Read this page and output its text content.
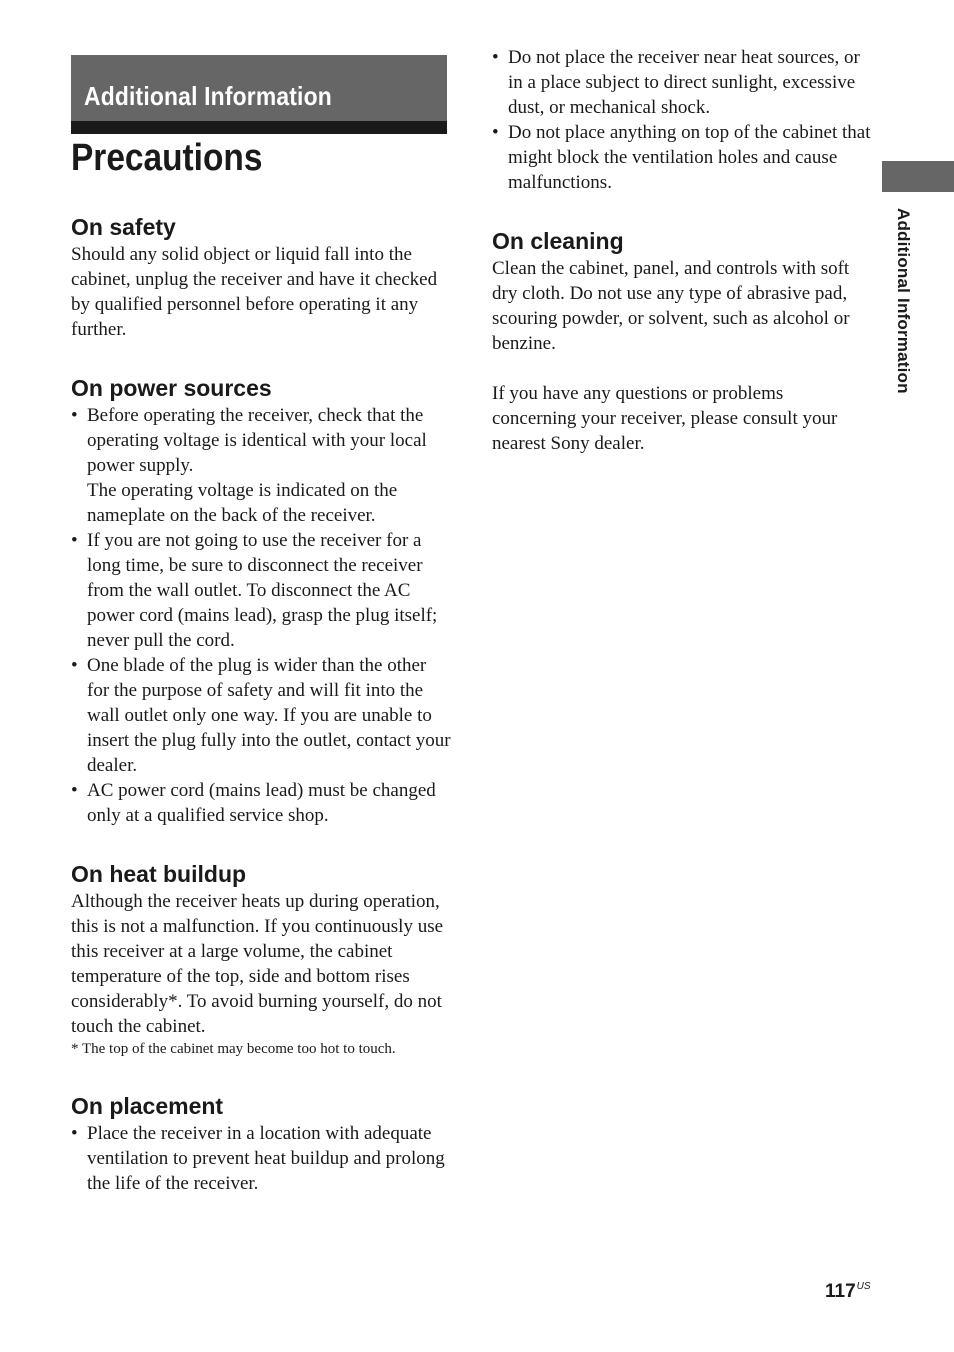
Additional Information
Precautions
On safety

Should any solid object or liquid fall into the cabinet, unplug the receiver and have it checked by qualified personnel before operating it any further.

On power sources
• Before operating the receiver, check that the operating voltage is identical with your local power supply.
The operating voltage is indicated on the nameplate on the back of the receiver.
• If you are not going to use the receiver for a long time, be sure to disconnect the receiver from the wall outlet. To disconnect the AC power cord (mains lead), grasp the plug itself; never pull the cord.
• One blade of the plug is wider than the other for the purpose of safety and will fit into the wall outlet only one way. If you are unable to insert the plug fully into the outlet, contact your dealer.
• AC power cord (mains lead) must be changed only at a qualified service shop.
On heat buildup

Although the receiver heats up during operation, this is not a malfunction. If you continuously use this receiver at a large volume, the cabinet temperature of the top, side and bottom rises considerably*. To avoid burning yourself, do not touch the cabinet.

* The top of the cabinet may become too hot to touch.

On placement
• Place the receiver in a location with adequate ventilation to prevent heat buildup and prolong the life of the receiver.
• Do not place the receiver near heat sources, or in a place subject to direct sunlight, excessive dust, or mechanical shock.
• Do not place anything on top of the cabinet that might block the ventilation holes and cause malfunctions.
On cleaning

Clean the cabinet, panel, and controls with soft dry cloth. Do not use any type of abrasive pad, scouring powder, or solvent, such as alcohol or benzine.

If you have any questions or problems concerning your receiver, please consult your nearest Sony dealer.

Additional Information
$117^{US}$
